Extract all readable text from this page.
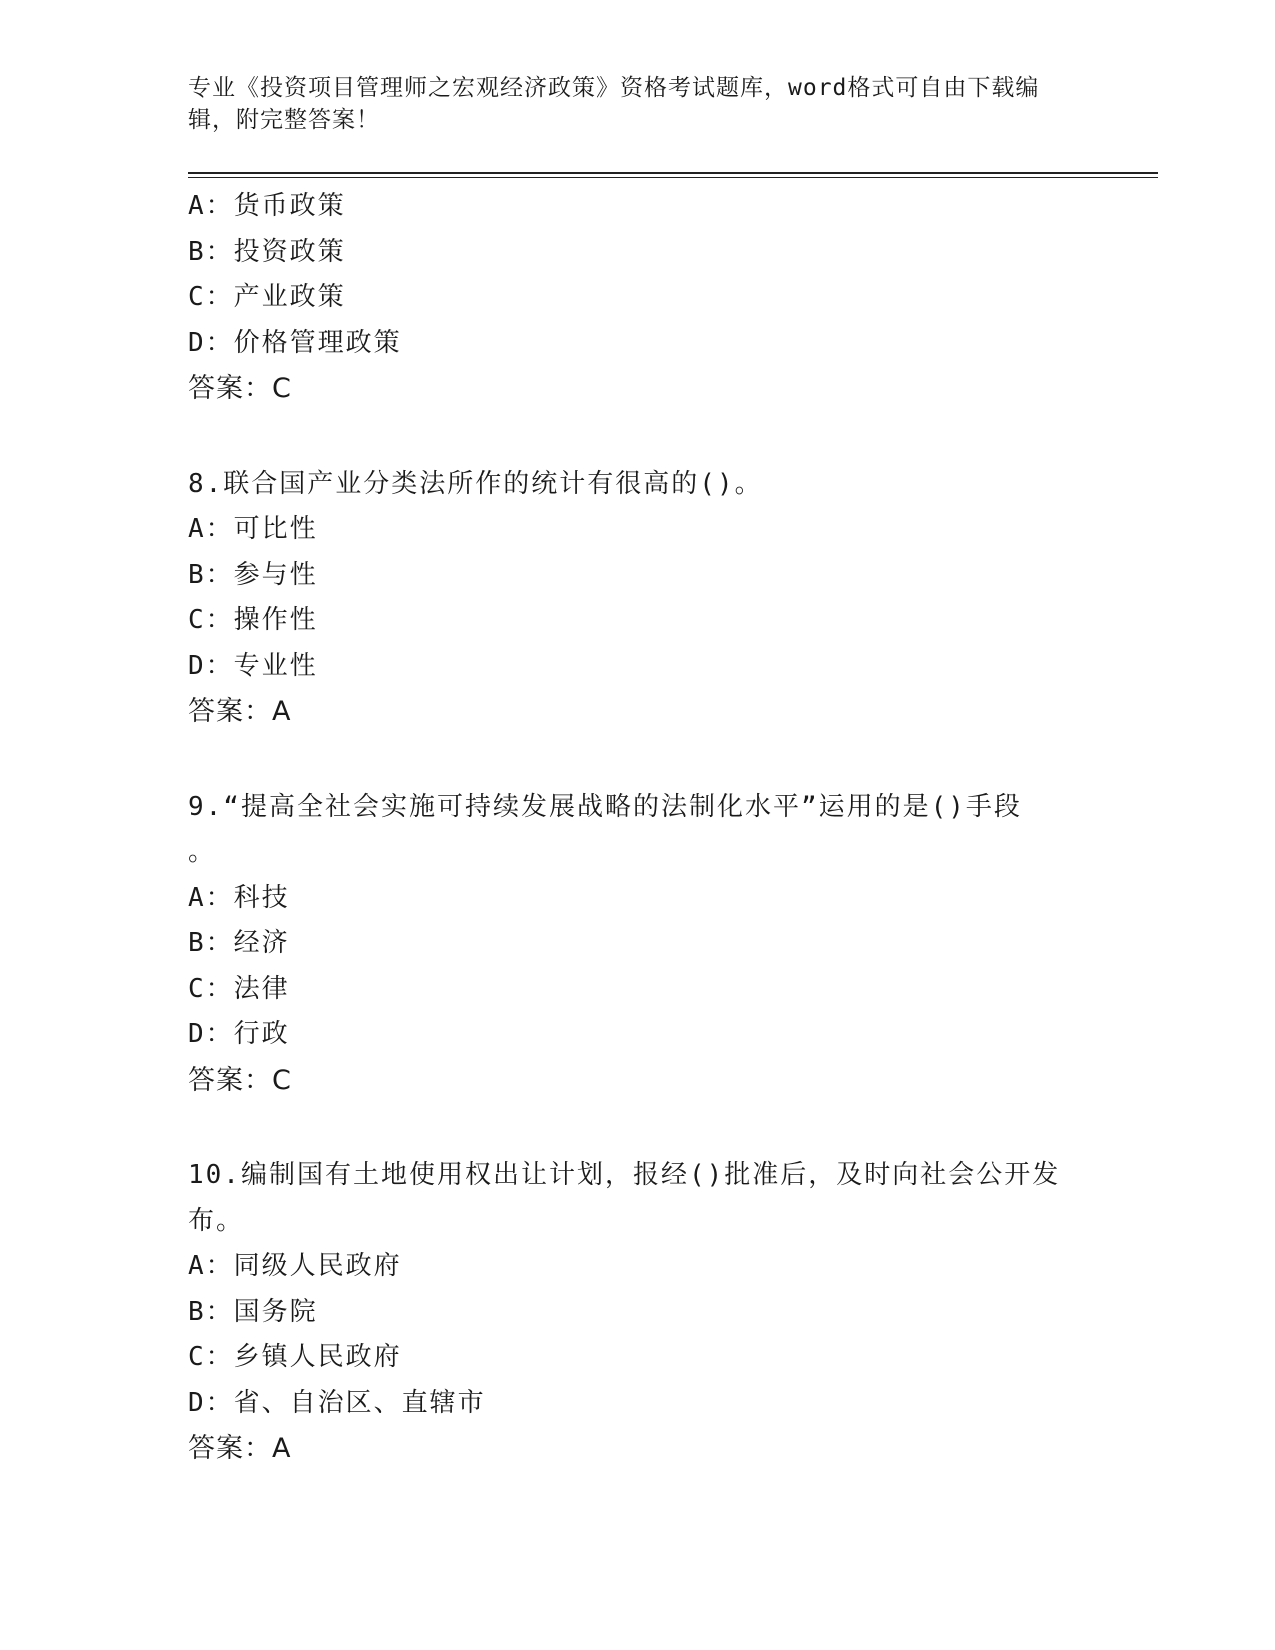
专业《投资项目管理师之宏观经济政策》资格考试题库，word格式可自由下载编
辑，附完整答案！
A：货币政策
B：投资政策
C：产业政策
D：价格管理政策
答案：C
8.联合国产业分类法所作的统计有很高的()。
A：可比性
B：参与性
C：操作性
D：专业性
答案：A
9.“提高全社会实施可持续发展战略的法制化水平”运用的是()手段
。
A：科技
B：经济
C：法律
D：行政
答案：C
10.编制国有土地使用权出让计划，报经()批准后，及时向社会公开发
布。
A：同级人民政府
B：国务院
C：乡镇人民政府
D：省、自治区、直辖市
答案：A
